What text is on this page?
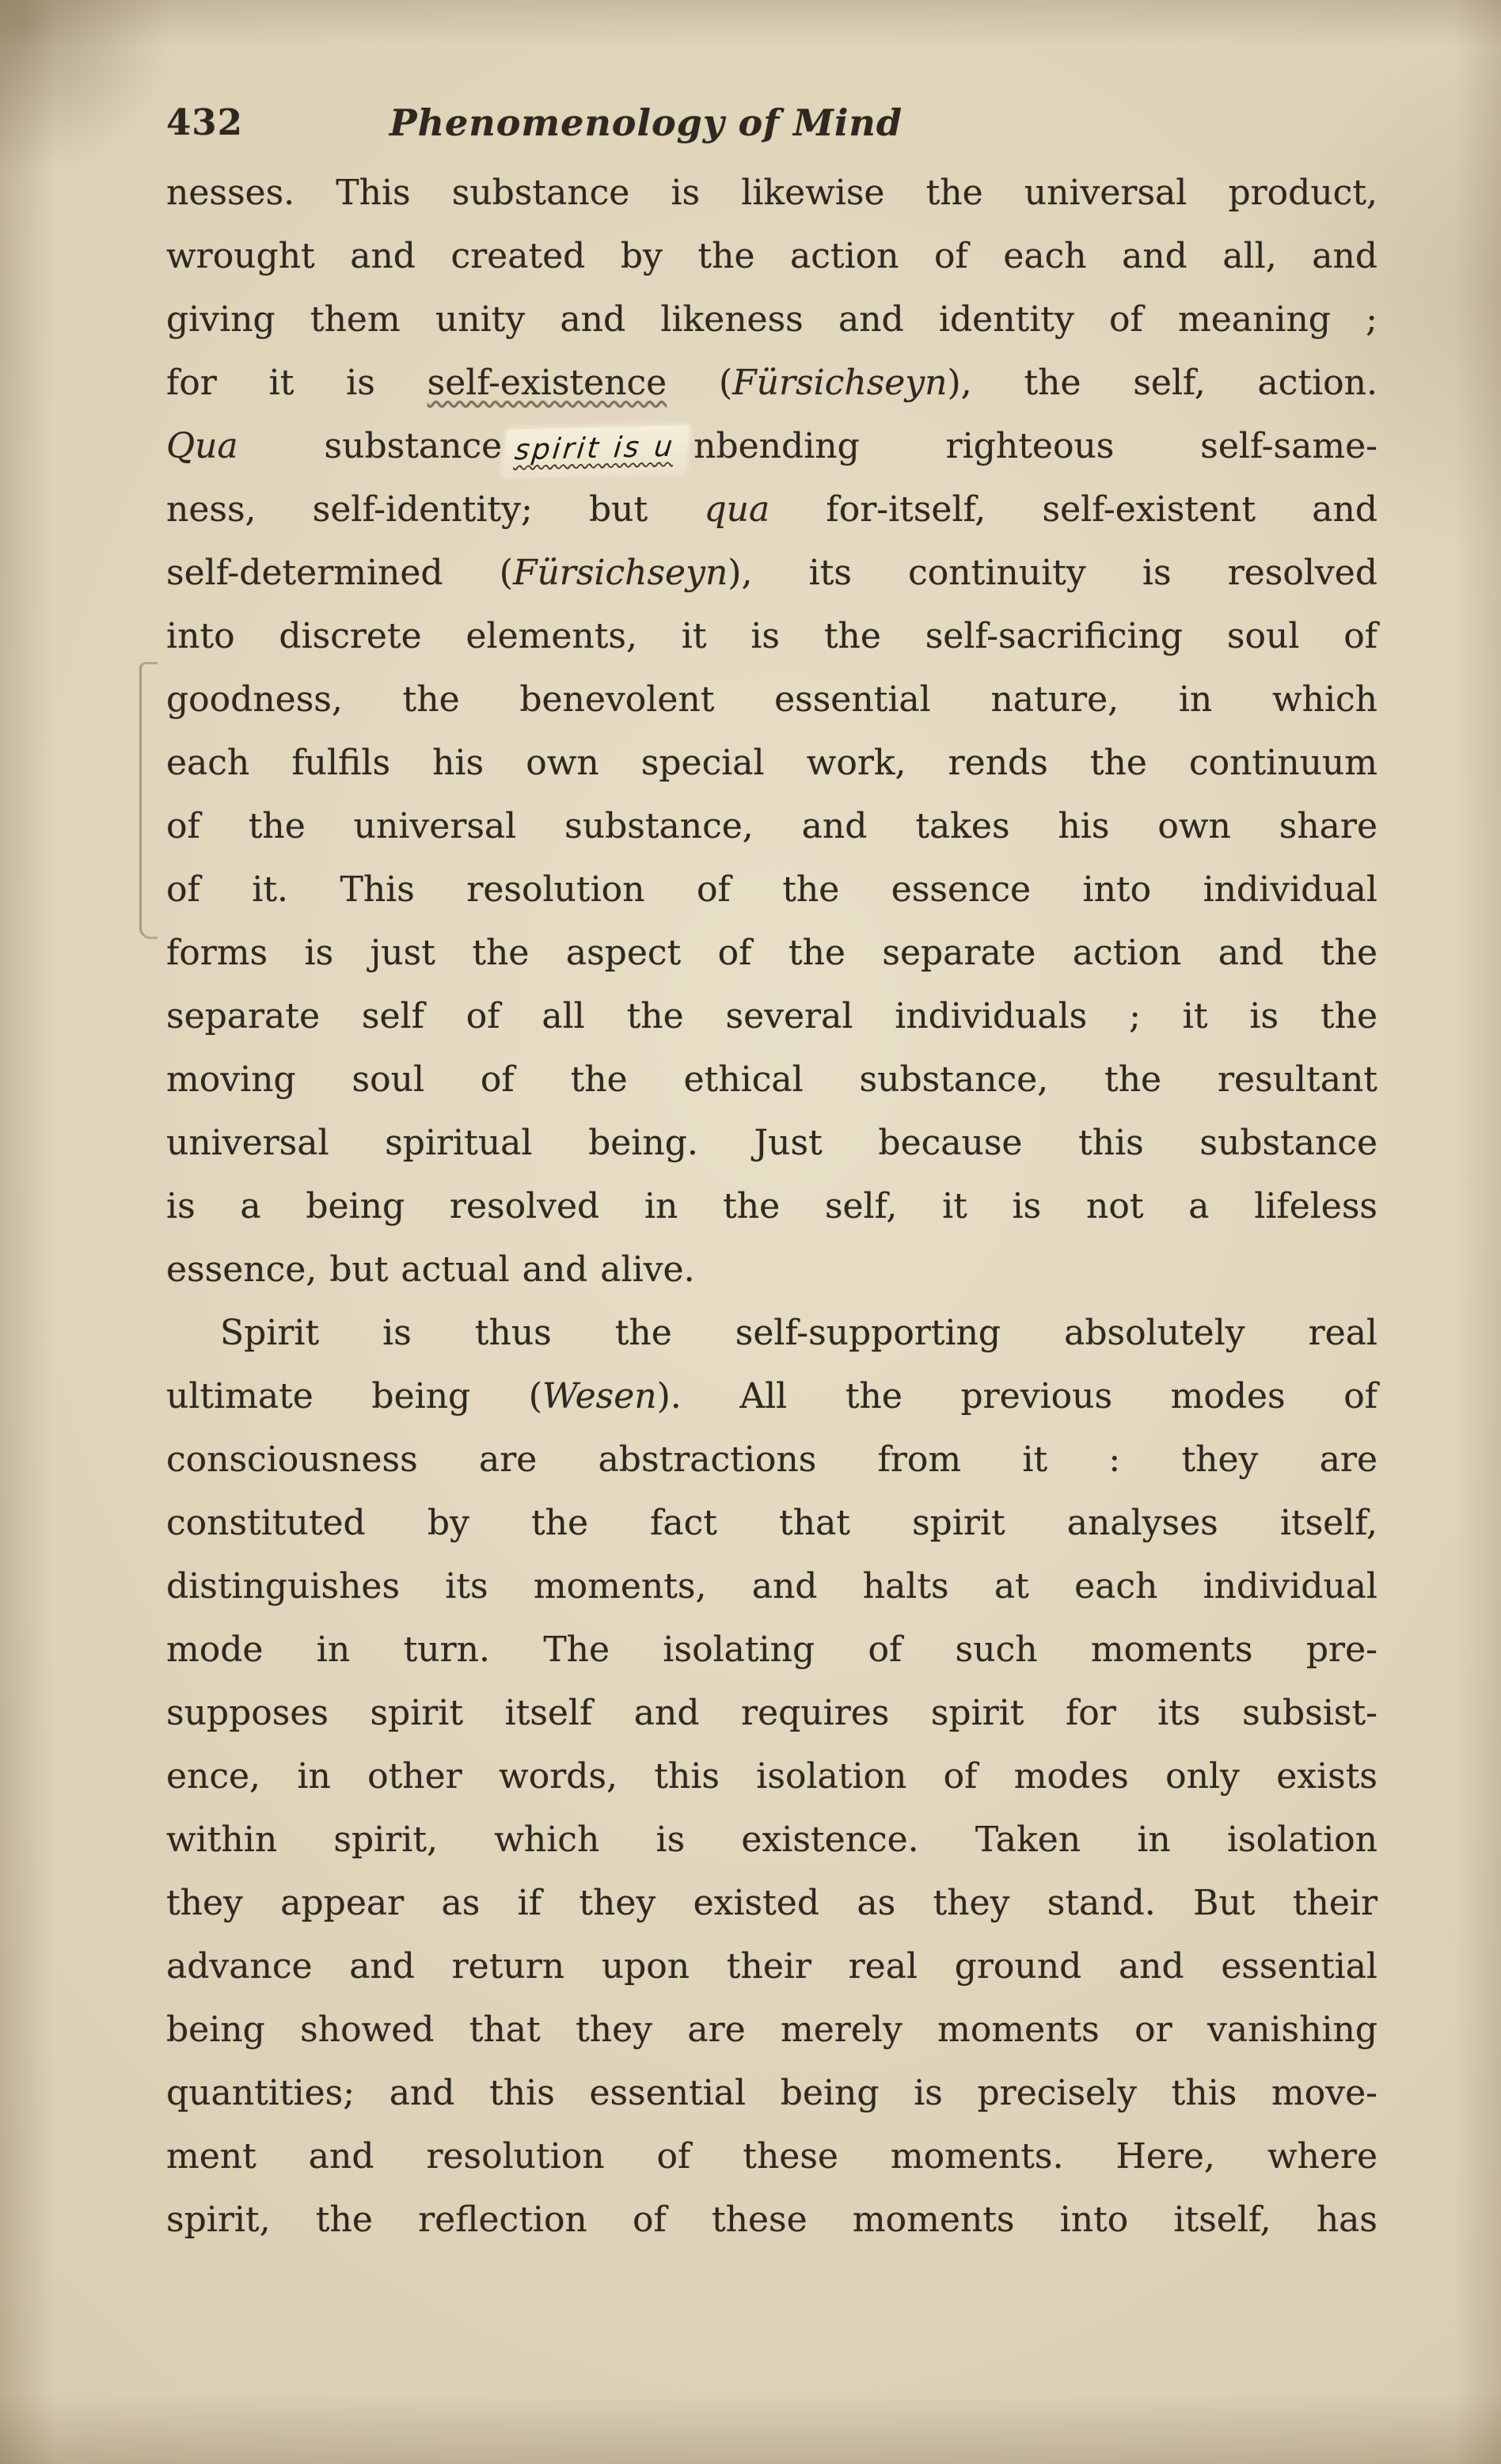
432	Phenomenology of Mind
nesses. This substance is likewise the universal product,
wrought and created by the action of each and all, and
giving them unity and likeness and identity of meaning ;
for it is self-existence (Fürsichseyn), the self, action.
Qua substance spirit is u nbending righteous self-same-
ness, self-identity; but qua for-itself, self-existent and
self-determined (Fürsichseyn), its continuity is resolved
into discrete elements, it is the self-sacrificing soul of
goodness, the benevolent essential nature, in which
each fulfils his own special work, rends the continuum
of the universal substance, and takes his own share
of it. This resolution of the essence into individual
forms is just the aspect of the separate action and the
separate self of all the several individuals ; it is the
moving soul of the ethical substance, the resultant
universal spiritual being. Just because this substance
is a being resolved in the self, it is not a lifeless
essence, but actual and alive.
Spirit is thus the self-supporting absolutely real
ultimate being (Wesen). All the previous modes of
consciousness are abstractions from it : they are
constituted by the fact that spirit analyses itself,
distinguishes its moments, and halts at each individual
mode in turn. The isolating of such moments pre-
supposes spirit itself and requires spirit for its subsist-
ence, in other words, this isolation of modes only exists
within spirit, which is existence. Taken in isolation
they appear as if they existed as they stand. But their
advance and return upon their real ground and essential
being showed that they are merely moments or vanishing
quantities; and this essential being is precisely this move-
ment and resolution of these moments. Here, where
spirit, the reflection of these moments into itself, has
